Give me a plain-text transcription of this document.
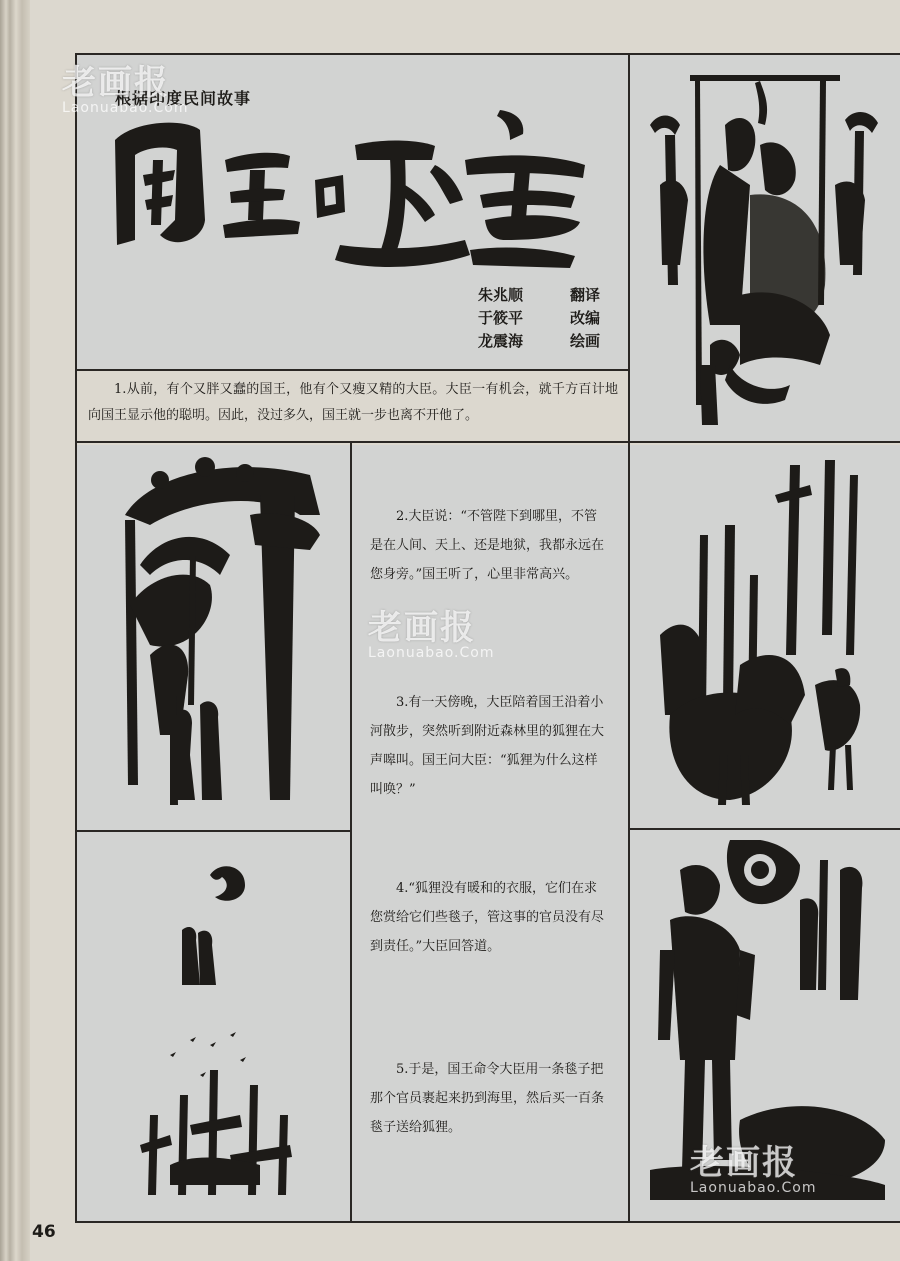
根据印度民间故事
朱兆顺	翻译
于筱平	改编
龙震海	绘画
1.从前，有个又胖又蠢的国王，他有个又瘦又精的大臣。大臣一有机会，就千方百计地向国王显示他的聪明。因此，没过多久，国王就一步也离不开他了。
2.大臣说：“不管陛下到哪里，不管是在人间、天上、还是地狱，我都永远在您身旁。”国王听了，心里非常高兴。
3.有一天傍晚，大臣陪着国王沿着小河散步，突然听到附近森林里的狐狸在大声嗥叫。国王问大臣：“狐狸为什么这样叫唤？”
4.“狐狸没有暖和的衣服，它们在求您赏给它们些毯子，管这事的官员没有尽到责任。”大臣回答道。
5.于是，国王命令大臣用一条毯子把那个官员裹起来扔到海里，然后买一百条毯子送给狐狸。
老画报
Laonuabao.Com
老画报
Laonuabao.Com
老画报
Laonuabao.Com
46
